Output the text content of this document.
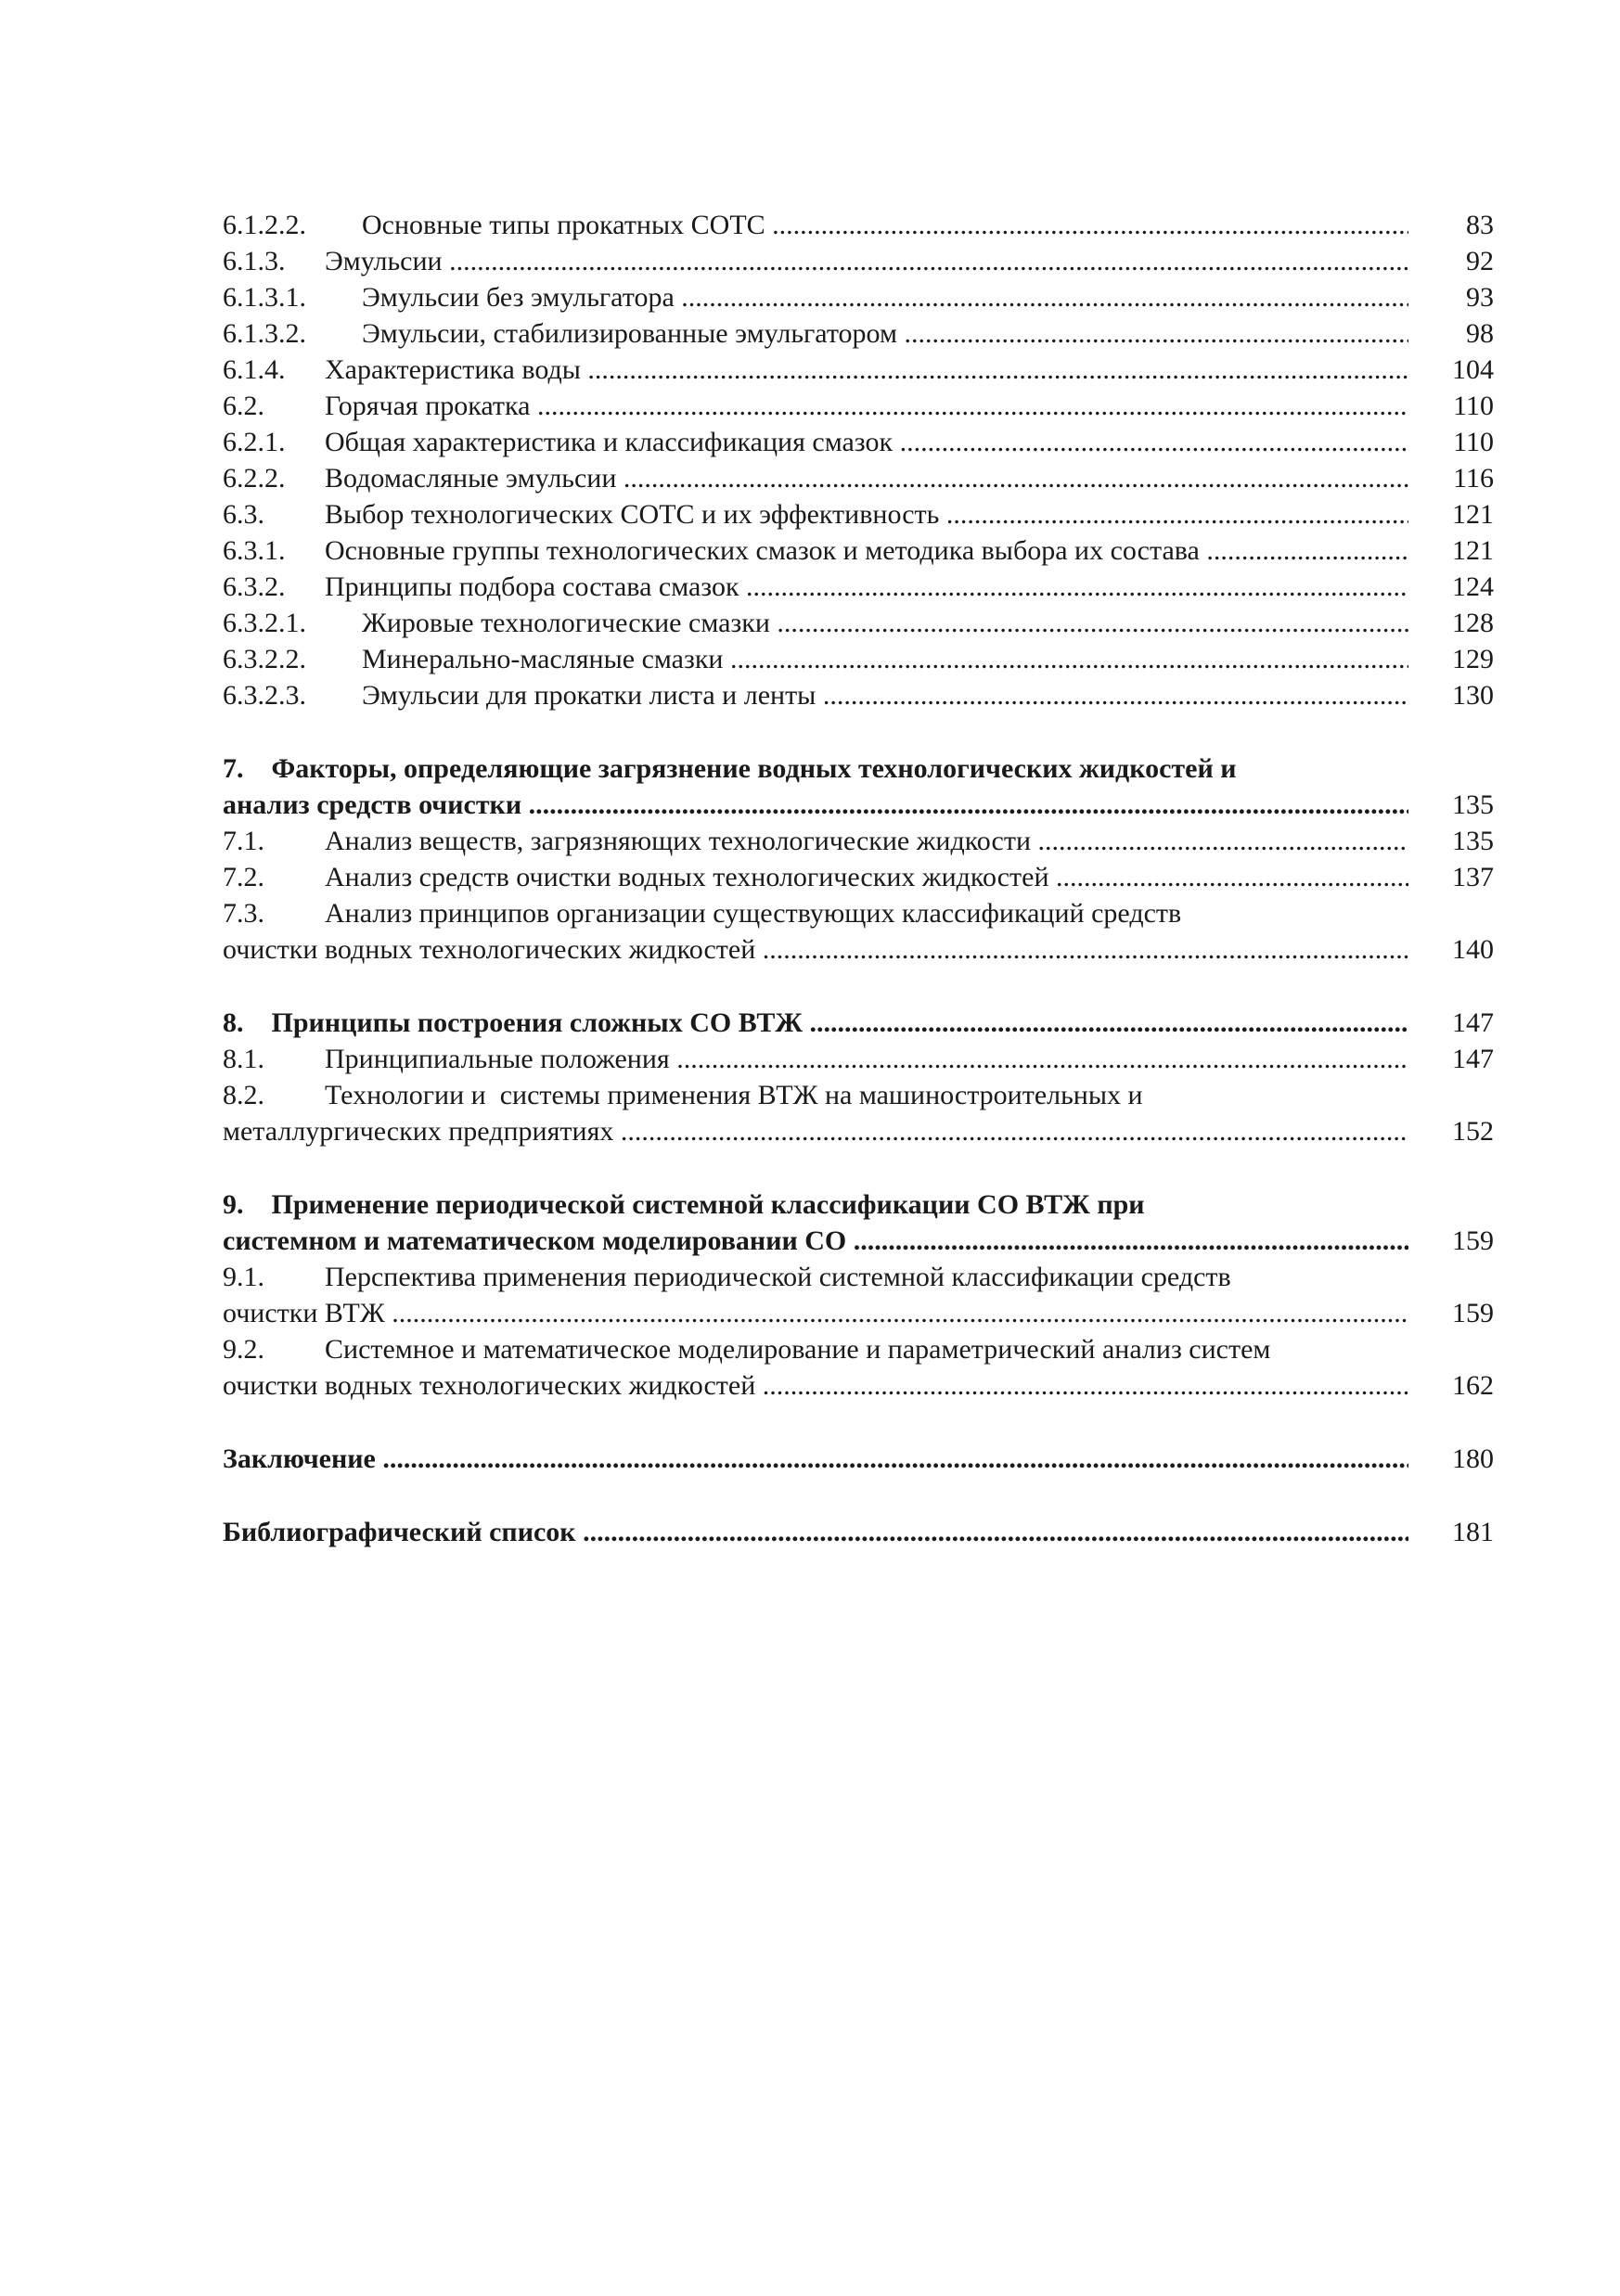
6.1.2.2. Основные типы прокатных СОТС .....	83
6.1.3. Эмульсии .....	92
6.1.3.1. Эмульсии без эмульгатора .....	93
6.1.3.2. Эмульсии, стабилизированные эмульгатором .....	98
6.1.4. Характеристика воды .....	104
6.2. Горячая прокатка .....	110
6.2.1. Общая характеристика и классификация смазок .....	110
6.2.2. Водомасляные эмульсии .....	116
6.3. Выбор технологических СОТС и их эффективность .....	121
6.3.1. Основные группы технологических смазок и методика выбора их состава .....	121
6.3.2. Принципы подбора состава смазок .....	124
6.3.2.1. Жировые технологические смазки .....	128
6.3.2.2. Минерально-масляные смазки .....	129
6.3.2.3. Эмульсии для прокатки листа и ленты .....	130
7.    Факторы, определяющие загрязнение водных технологических жидкостей и
анализ средств очистки .....	135
7.1. Анализ веществ, загрязняющих технологические жидкости .....	135
7.2. Анализ средств очистки водных технологических жидкостей .....	137
7.3. Анализ принципов организации существующих классификаций средств
очистки водных технологических жидкостей .....	140
8.    Принципы построения сложных СО ВТЖ .....	147
8.1. Принципиальные положения .....	147
8.2. Технологии и  системы применения ВТЖ на машиностроительных и
металлургических предприятиях .....	152
9.    Применение периодической системной классификации СО ВТЖ при
системном и математическом моделировании СО .....	159
9.1. Перспектива применения периодической системной классификации средств
очистки ВТЖ .....	159
9.2. Системное и математическое моделирование и параметрический анализ систем
очистки водных технологических жидкостей .....	162
Заключение .....	180
Библиографический список .....	181
